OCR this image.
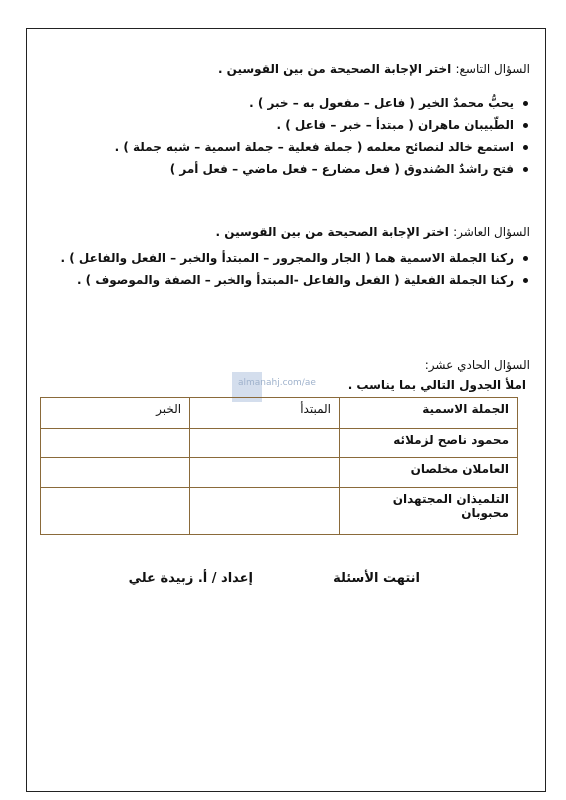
السؤال التاسع: اختر الإجابة الصحيحة من بين القوسين .
يحبُّ محمدٌ الخير ( فاعل – مفعول به – خبر ) .
الطّبيبان ماهران ( مبتدأ – خبر – فاعل ) .
استمع خالد لنصائح معلمه ( جملة فعلية – جملة اسمية – شبه جملة ) .
فتح راشدٌ الصُندوق ( فعل مضارع – فعل ماضي – فعل أمر )
السؤال العاشر: اختر الإجابة الصحيحة من بين القوسين .
ركنا الجملة الاسمية هما ( الجار والمجرور – المبتدأ والخبر – الفعل والفاعل ) .
ركنا الجملة الفعلية ( الفعل والفاعل -المبتدأ والخبر – الصفة والموصوف ) .
السؤال الحادي عشر:
املأ الجدول التالي بما يناسب .
almanahj.com/ae
الجملة الاسمية	المبتدأ	الخبر
محمود ناصح لزملائه		
العاملان مخلصان		
التلميذان المجتهدان محبوبان		
انتهت الأسئلة
إعداد / أ. زبيدة علي
